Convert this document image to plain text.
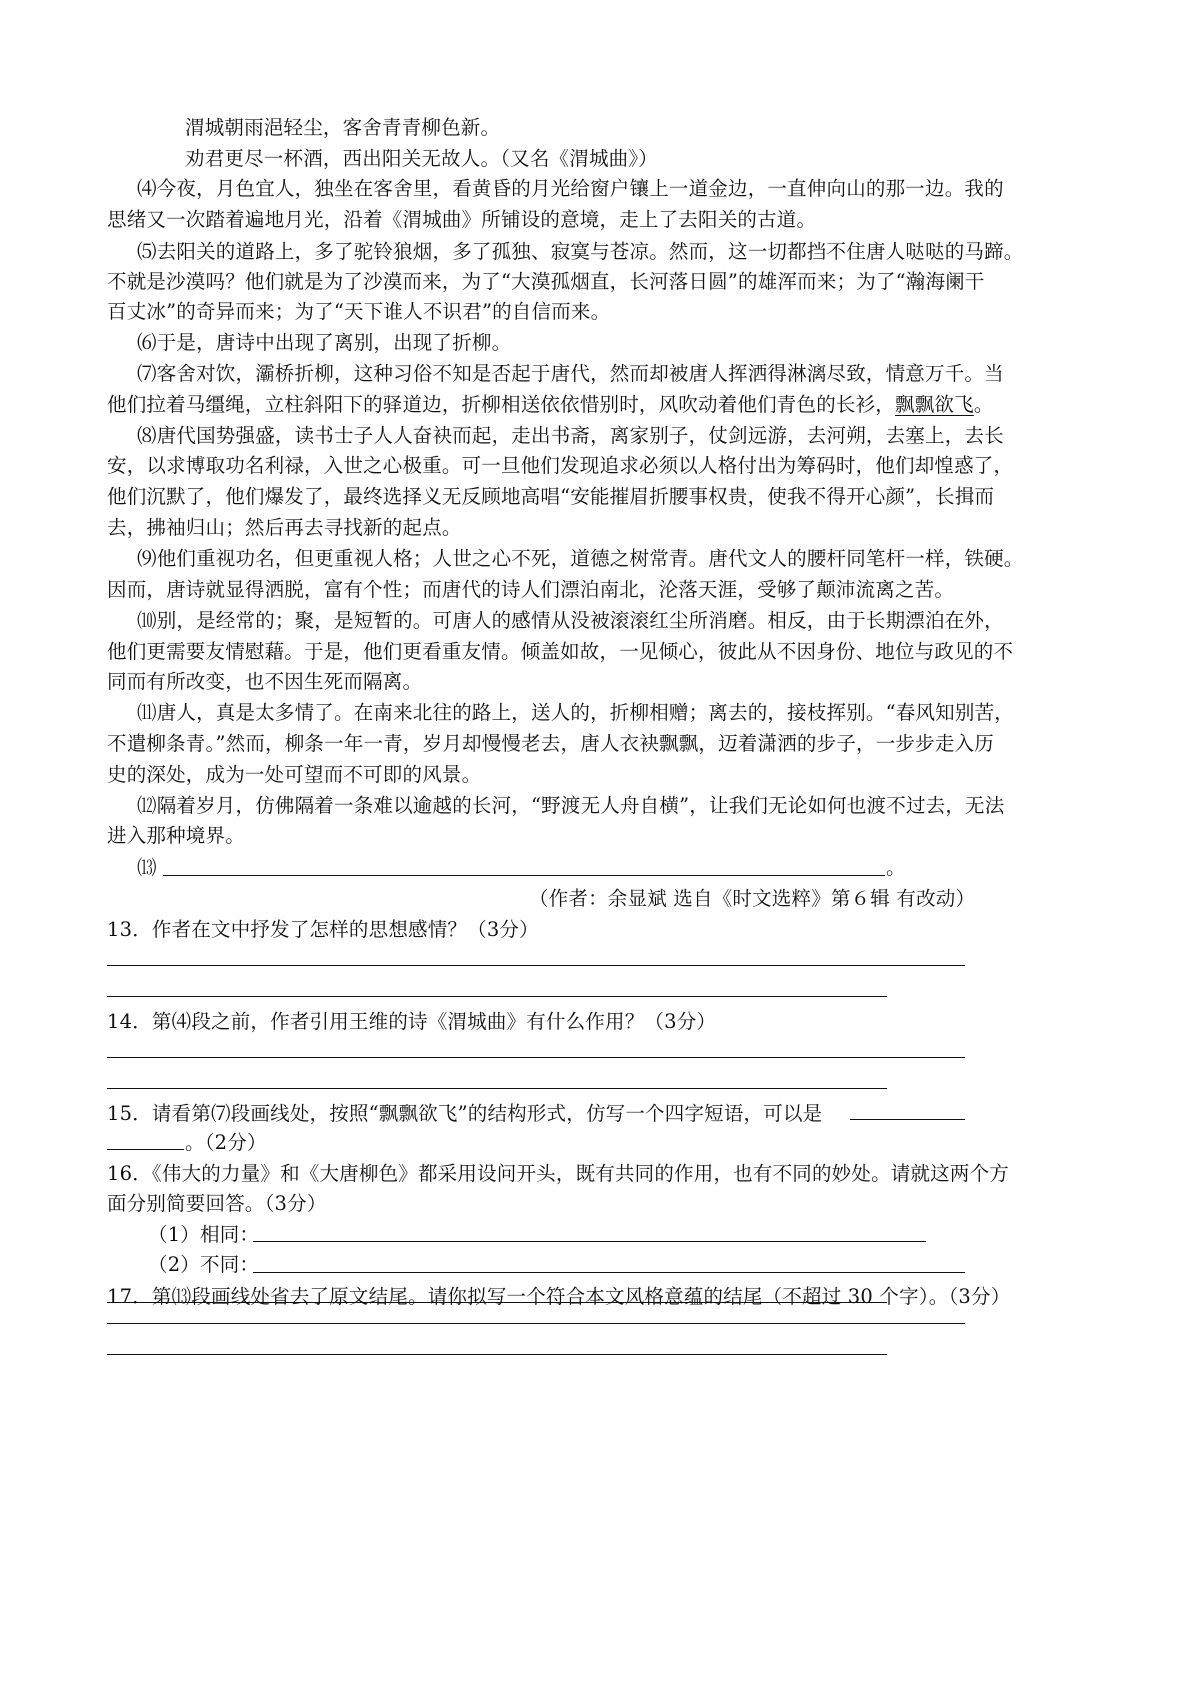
渭城朝雨浥轻尘，客舍青青柳色新。
劝君更尽一杯酒，西出阳关无故人。（又名《渭城曲》）
⑷今夜，月色宜人，独坐在客舍里，看黄昏的月光给窗户镶上一道金边，一直伸向山的那一边。我的
思绪又一次踏着遍地月光，沿着《渭城曲》所铺设的意境，走上了去阳关的古道。
⑸去阳关的道路上，多了驼铃狼烟，多了孤独、寂寞与苍凉。然而，这一切都挡不住唐人哒哒的马蹄。
不就是沙漠吗？他们就是为了沙漠而来，为了“大漠孤烟直，长河落日圆”的雄浑而来；为了“瀚海阑干
百丈冰”的奇异而来；为了“天下谁人不识君”的自信而来。
⑹于是，唐诗中出现了离别，出现了折柳。
⑺客舍对饮，灞桥折柳，这种习俗不知是否起于唐代，然而却被唐人挥洒得淋漓尽致，情意万千。当
他们拉着马缰绳，立柱斜阳下的驿道边，折柳相送依依惜别时，风吹动着他们青色的长衫，飘飘欲飞。
⑻唐代国势强盛，读书士子人人奋袂而起，走出书斋，离家别子，仗剑远游，去河朔，去塞上，去长
安，以求博取功名利禄，入世之心极重。可一旦他们发现追求必须以人格付出为筹码时，他们却惶惑了，
他们沉默了，他们爆发了，最终选择义无反顾地高唱“安能摧眉折腰事权贵，使我不得开心颜”，长揖而
去，拂袖归山；然后再去寻找新的起点。
⑼他们重视功名，但更重视人格；人世之心不死，道德之树常青。唐代文人的腰杆同笔杆一样，铁硬。
因而，唐诗就显得洒脱，富有个性；而唐代的诗人们漂泊南北，沦落天涯，受够了颠沛流离之苦。
⑽别，是经常的；聚，是短暂的。可唐人的感情从没被滚滚红尘所消磨。相反，由于长期漂泊在外，
他们更需要友情慰藉。于是，他们更看重友情。倾盖如故，一见倾心，彼此从不因身份、地位与政见的不
同而有所改变，也不因生死而隔离。
⑾唐人，真是太多情了。在南来北往的路上，送人的，折柳相赠；离去的，接枝挥别。“春风知别苦，
不遣柳条青。”然而，柳条一年一青，岁月却慢慢老去，唐人衣袂飘飘，迈着潇洒的步子，一步步走入历
史的深处，成为一处可望而不可即的风景。
⑿隔着岁月，仿佛隔着一条难以逾越的长河，“野渡无人舟自横”，让我们无论如何也渡不过去，无法
进入那种境界。
⒀	。
（作者：余显斌 选自《时文选粹》第６辑 有改动）
13．作者在文中抒发了怎样的思想感情？（3分）
14．第⑷段之前，作者引用王维的诗《渭城曲》有什么作用？（3分）
15．请看第⑺段画线处，按照“飘飘欲飞”的结构形式，仿写一个四字短语，可以是
。（2分）
16．《伟大的力量》和《大唐柳色》都采用设问开头，既有共同的作用，也有不同的妙处。请就这两个方
面分别简要回答。（3分）
（1）相同：
（2）不同：
17．第⒀段画线处省去了原文结尾。请你拟写一个符合本文风格意蕴的结尾（不超过 30 个字）。（3分）
